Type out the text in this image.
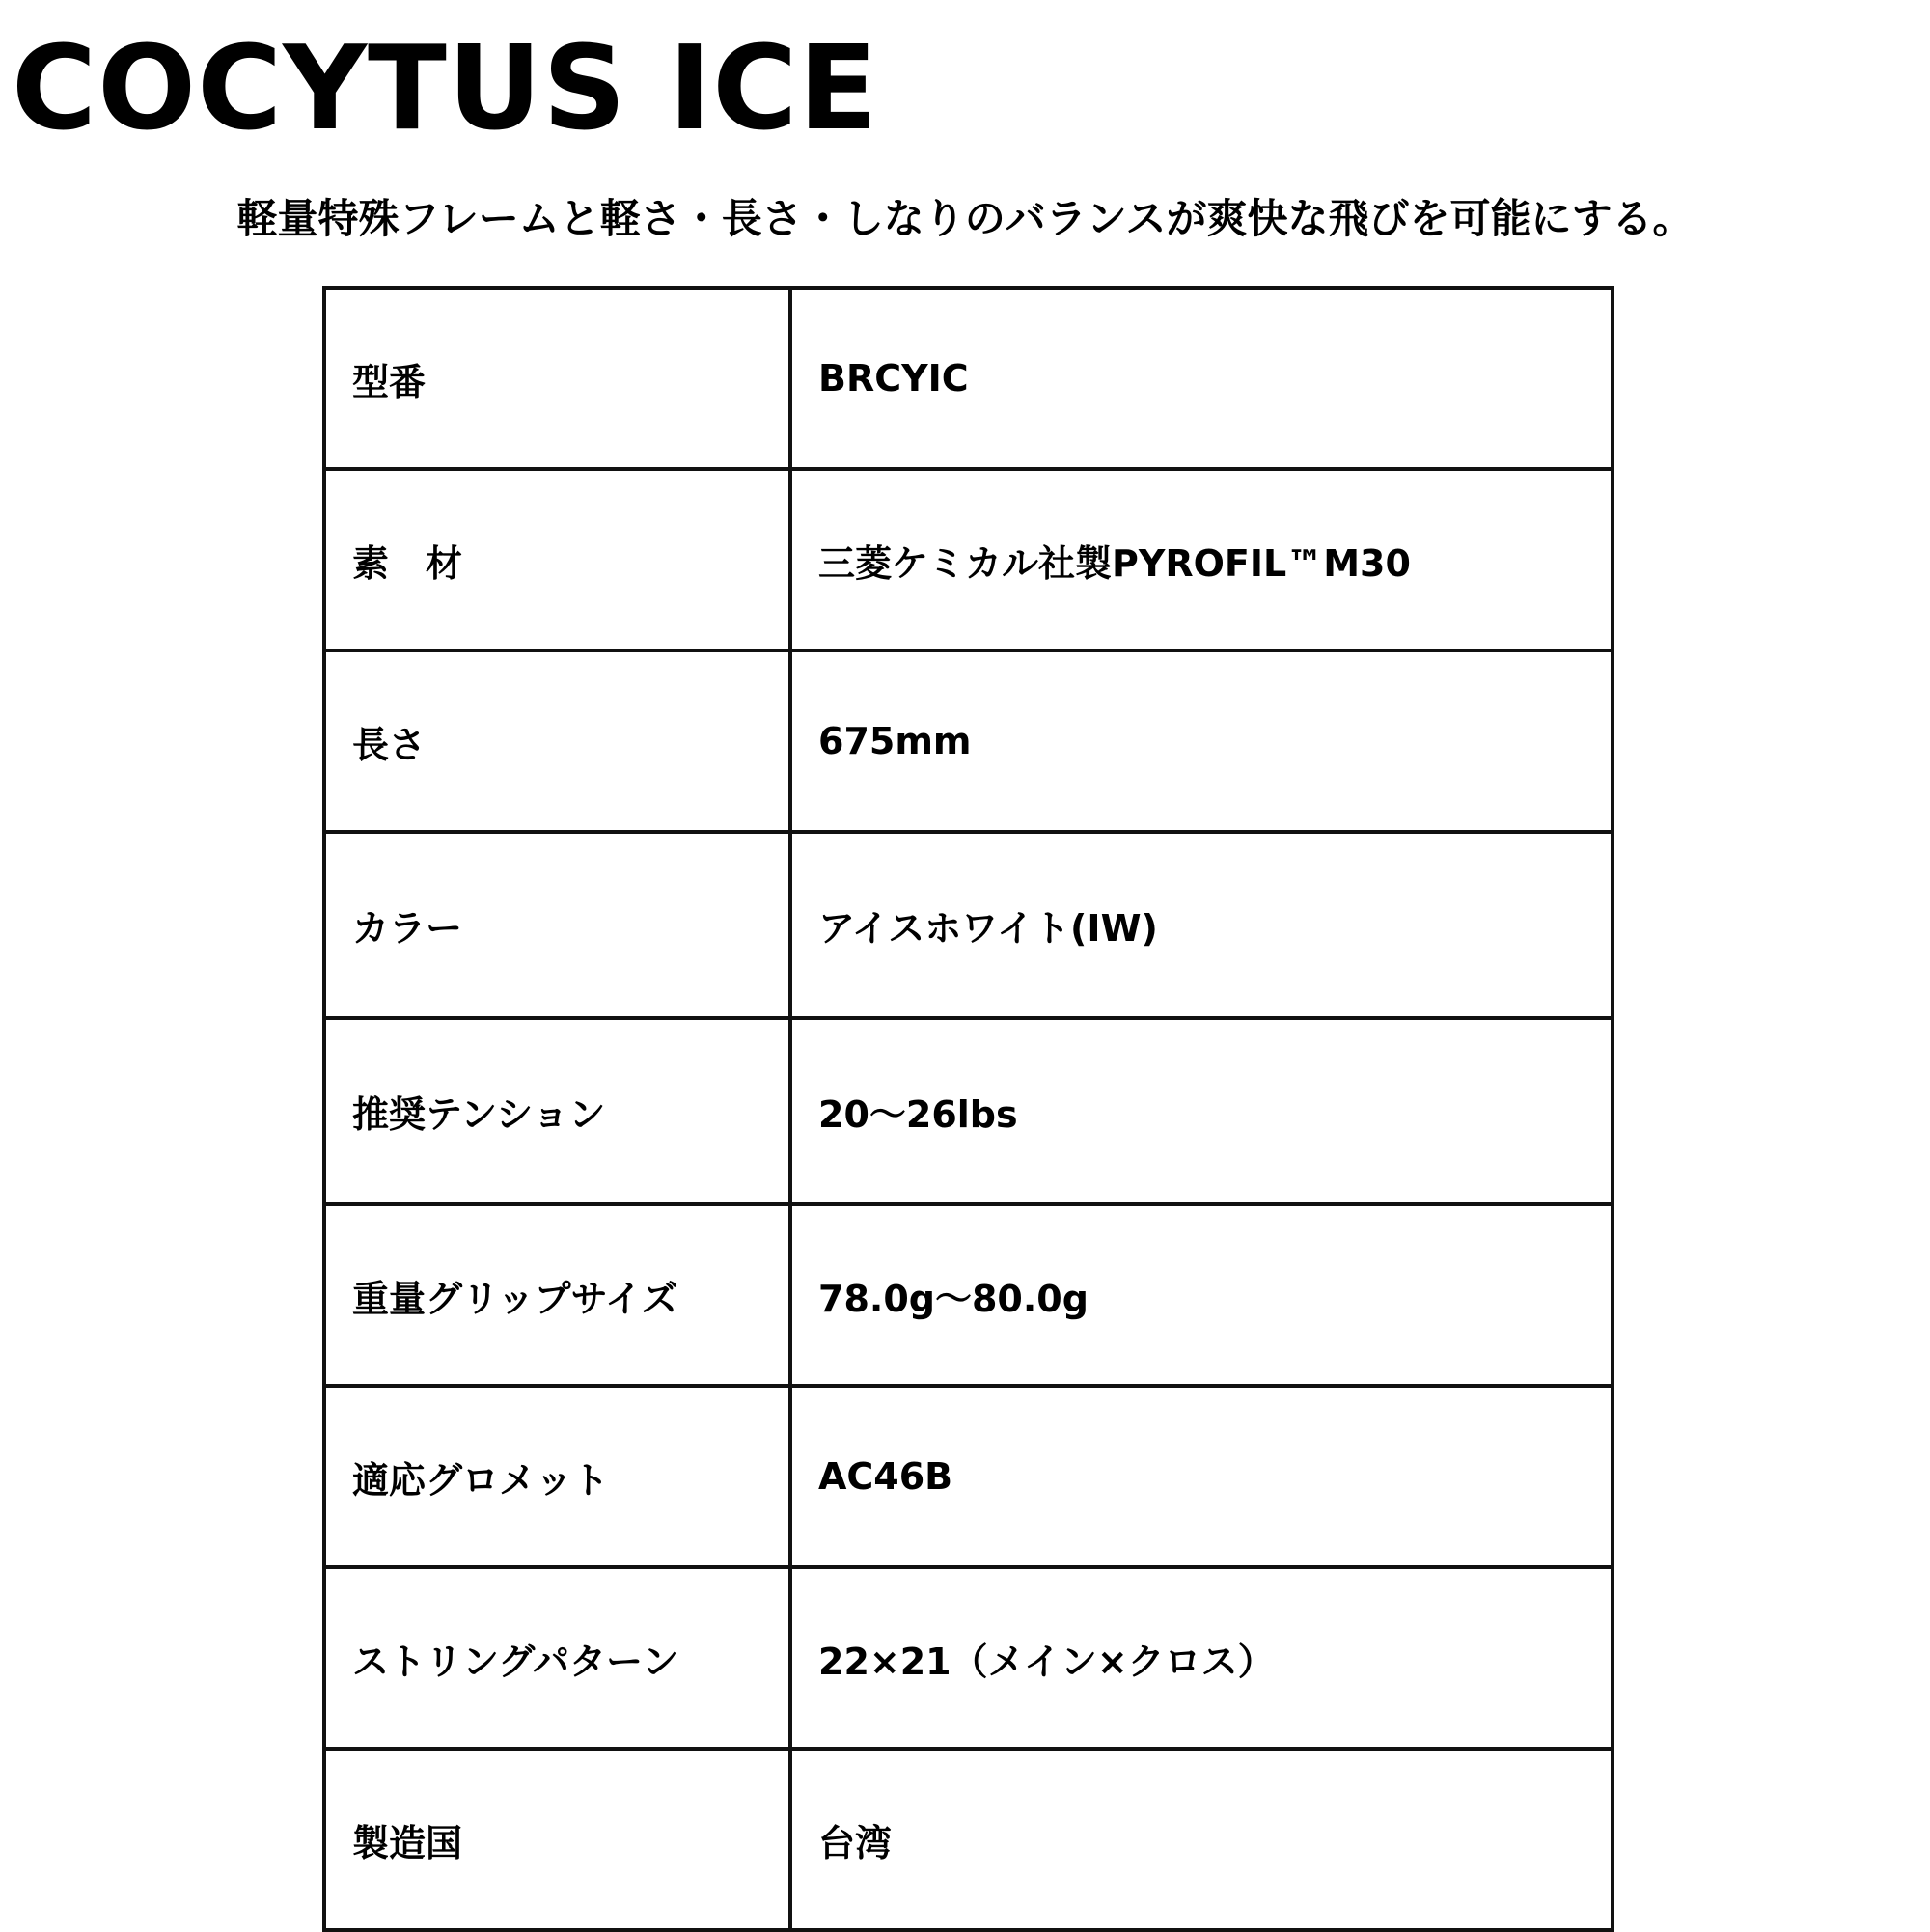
COCYTUS ICE

軽量特殊フレームと軽さ・長さ・しなりのバランスが爽快な飛びを可能にする。

型番	BRCYIC
素　材	三菱ケミカル社製PYROFIL™M30
長さ	675mm
カラー	アイスホワイト(IW)
推奨テンション	20～26lbs
重量グリップサイズ	78.0g～80.0g
適応グロメット	AC46B
ストリングパターン	22×21（メイン×クロス）
製造国	台湾
